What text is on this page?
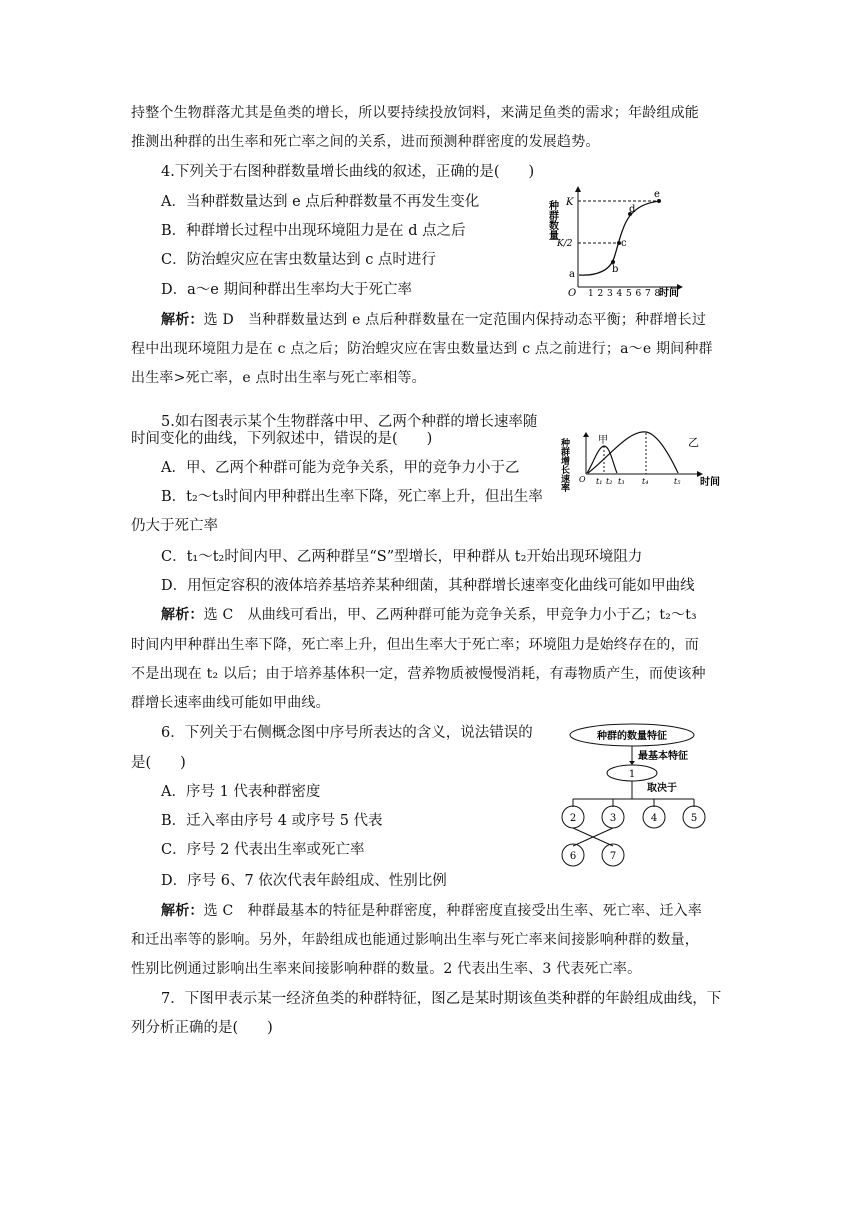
持整个生物群落尤其是鱼类的增长，所以要持续投放饲料，来满足鱼类的需求；年龄组成能
推测出种群的出生率和死亡率之间的关系，进而预测种群密度的发展趋势。
4.下列关于右图种群数量增长曲线的叙述，正确的是(　　)
A．当种群数量达到 e 点后种群数量不再发生变化
B．种群增长过程中出现环境阻力是在 d 点之后
C．防治蝗灾应在害虫数量达到 c 点时进行
D．a～e 期间种群出生率均大于死亡率
解析：选 D　当种群数量达到 e 点后种群数量在一定范围内保持动态平衡；种群增长过
程中出现环境阻力是在 c 点之后；防治蝗灾应在害虫数量达到 c 点之前进行；a～e 期间种群
出生率>死亡率，e 点时出生率与死亡率相等。
种群数量 K
K/2
a	b
c
d
e
O 1 2 3 4 5 6 7 8
时间
5.如右图表示某个生物群落中甲、乙两个种群的增长速率随
时间变化的曲线，下列叙述中，错误的是(　　)
A．甲、乙两个种群可能为竞争关系，甲的竞争力小于乙
B．t₂～t₃时间内甲种群出生率下降，死亡率上升，但出生率
仍大于死亡率
C．t₁～t₂时间内甲、乙两种群呈“S”型增长，甲种群从 t₂开始出现环境阻力
D．用恒定容积的液体培养基培养某种细菌，其种群增长速率变化曲线可能如甲曲线
解析：选 C　从曲线可看出，甲、乙两种群可能为竞争关系，甲竞争力小于乙；t₂～t₃
时间内甲种群出生率下降，死亡率上升，但出生率大于死亡率；环境阻力是始终存在的，而
不是出现在 t₂ 以后；由于培养基体积一定，营养物质被慢慢消耗，有毒物质产生，而使该种
群增长速率曲线可能如甲曲线。
种群增长速率	甲	乙
O t₁ t₂ t₃ t₄	t₅ 时间
6．下列关于右侧概念图中序号所表达的含义，说法错误的
是(　　)
A．序号 1 代表种群密度
B．迁入率由序号 4 或序号 5 代表
C．序号 2 代表出生率或死亡率
D．序号 6、7 依次代表年龄组成、性别比例
解析：选 C　种群最基本的特征是种群密度，种群密度直接受出生率、死亡率、迁入率
和迁出率等的影响。另外，年龄组成也能通过影响出生率与死亡率来间接影响种群的数量，
性别比例通过影响出生率来间接影响种群的数量。2 代表出生率、3 代表死亡率。
种群的数量特征
最基本特征
1
取决于
2	3	4	5
6	7
7．下图甲表示某一经济鱼类的种群特征，图乙是某时期该鱼类种群的年龄组成曲线，下
列分析正确的是(　　)
